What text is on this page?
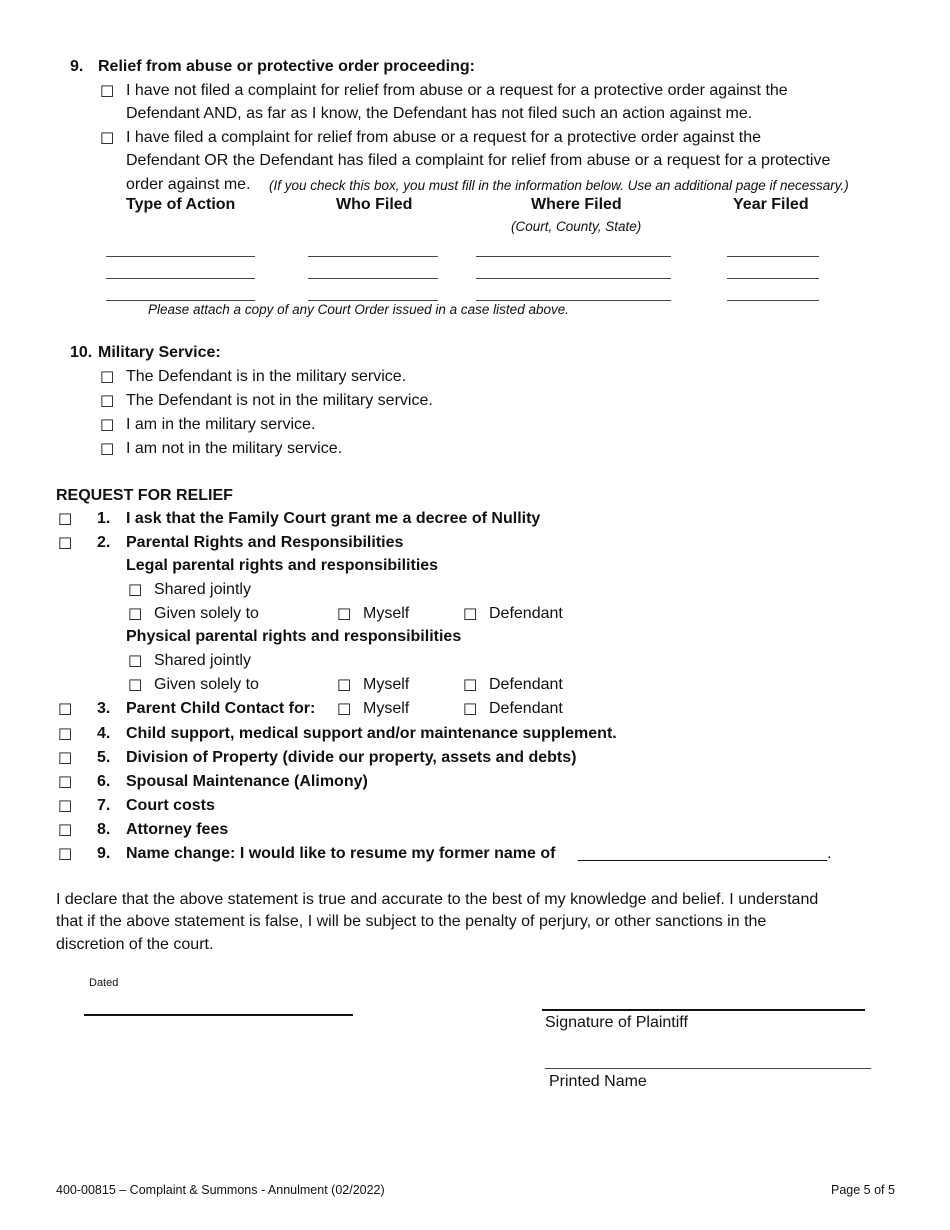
9. Relief from abuse or protective order proceeding:
☐ I have not filed a complaint for relief from abuse or a request for a protective order against the
Defendant AND, as far as I know, the Defendant has not filed such an action against me.
☐ I have filed a complaint for relief from abuse or a request for a protective order against the
Defendant OR the Defendant has filed a complaint for relief from abuse or a request for a protective
order against me. (If you check this box, you must fill in the information below. Use an additional page if necessary.)
Type of Action	Who Filed	Where Filed	Year Filed
(Court, County, State)
Please attach a copy of any Court Order issued in a case listed above.
10. Military Service:
☐ The Defendant is in the military service.
☐ The Defendant is not in the military service.
☐ I am in the military service.
☐ I am not in the military service.
REQUEST FOR RELIEF
☐ 1. I ask that the Family Court grant me a decree of Nullity
☐ 2. Parental Rights and Responsibilities
Legal parental rights and responsibilities
☐ Shared jointly
☐ Given solely to	☐ Myself	☐ Defendant
Physical parental rights and responsibilities
☐ Shared jointly
☐ Given solely to	☐ Myself	☐ Defendant
☐ 3. Parent Child Contact for: ☐ Myself	☐ Defendant
☐ 4. Child support, medical support and/or maintenance supplement.
☐ 5. Division of Property (divide our property, assets and debts)
☐ 6. Spousal Maintenance (Alimony)
☐ 7. Court costs
☐ 8. Attorney fees
☐ 9. Name change: I would like to resume my former name of ____________________________.
I declare that the above statement is true and accurate to the best of my knowledge and belief. I understand
that if the above statement is false, I will be subject to the penalty of perjury, or other sanctions in the
discretion of the court.
Dated
Signature of Plaintiff
Printed Name
400-00815 – Complaint & Summons - Annulment (02/2022)	Page 5 of 5
